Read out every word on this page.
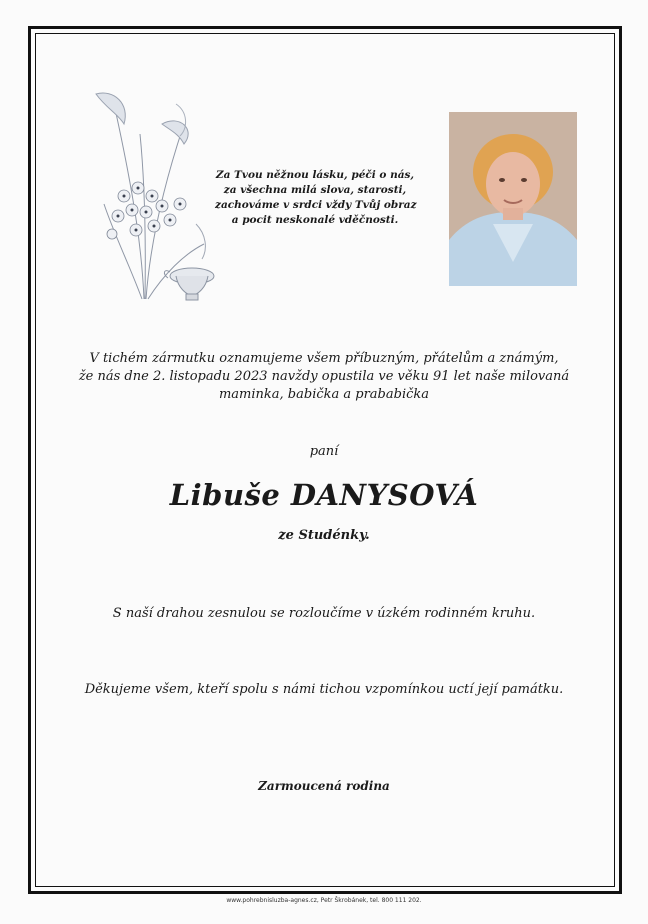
Za Tvou něžnou lásku, péči o nás,
za všechna milá slova, starosti,
zachováme v srdci vždy Tvůj obraz
a pocit neskonalé vděčnosti.
V tichém zármutku oznamujeme všem příbuzným, přátelům a známým,
že nás dne 2. listopadu 2023 navždy opustila ve věku 91 let naše milovaná
maminka, babička a prababička
paní
Libuše DANYSOVÁ
ze Studénky.
S naší drahou zesnulou se rozloučíme v úzkém rodinném kruhu.
Děkujeme všem, kteří spolu s námi tichou vzpomínkou uctí její památku.
Zarmoucená rodina
www.pohrebnisluzba-agnes.cz, Petr Škrobánek, tel. 800 111 202.
